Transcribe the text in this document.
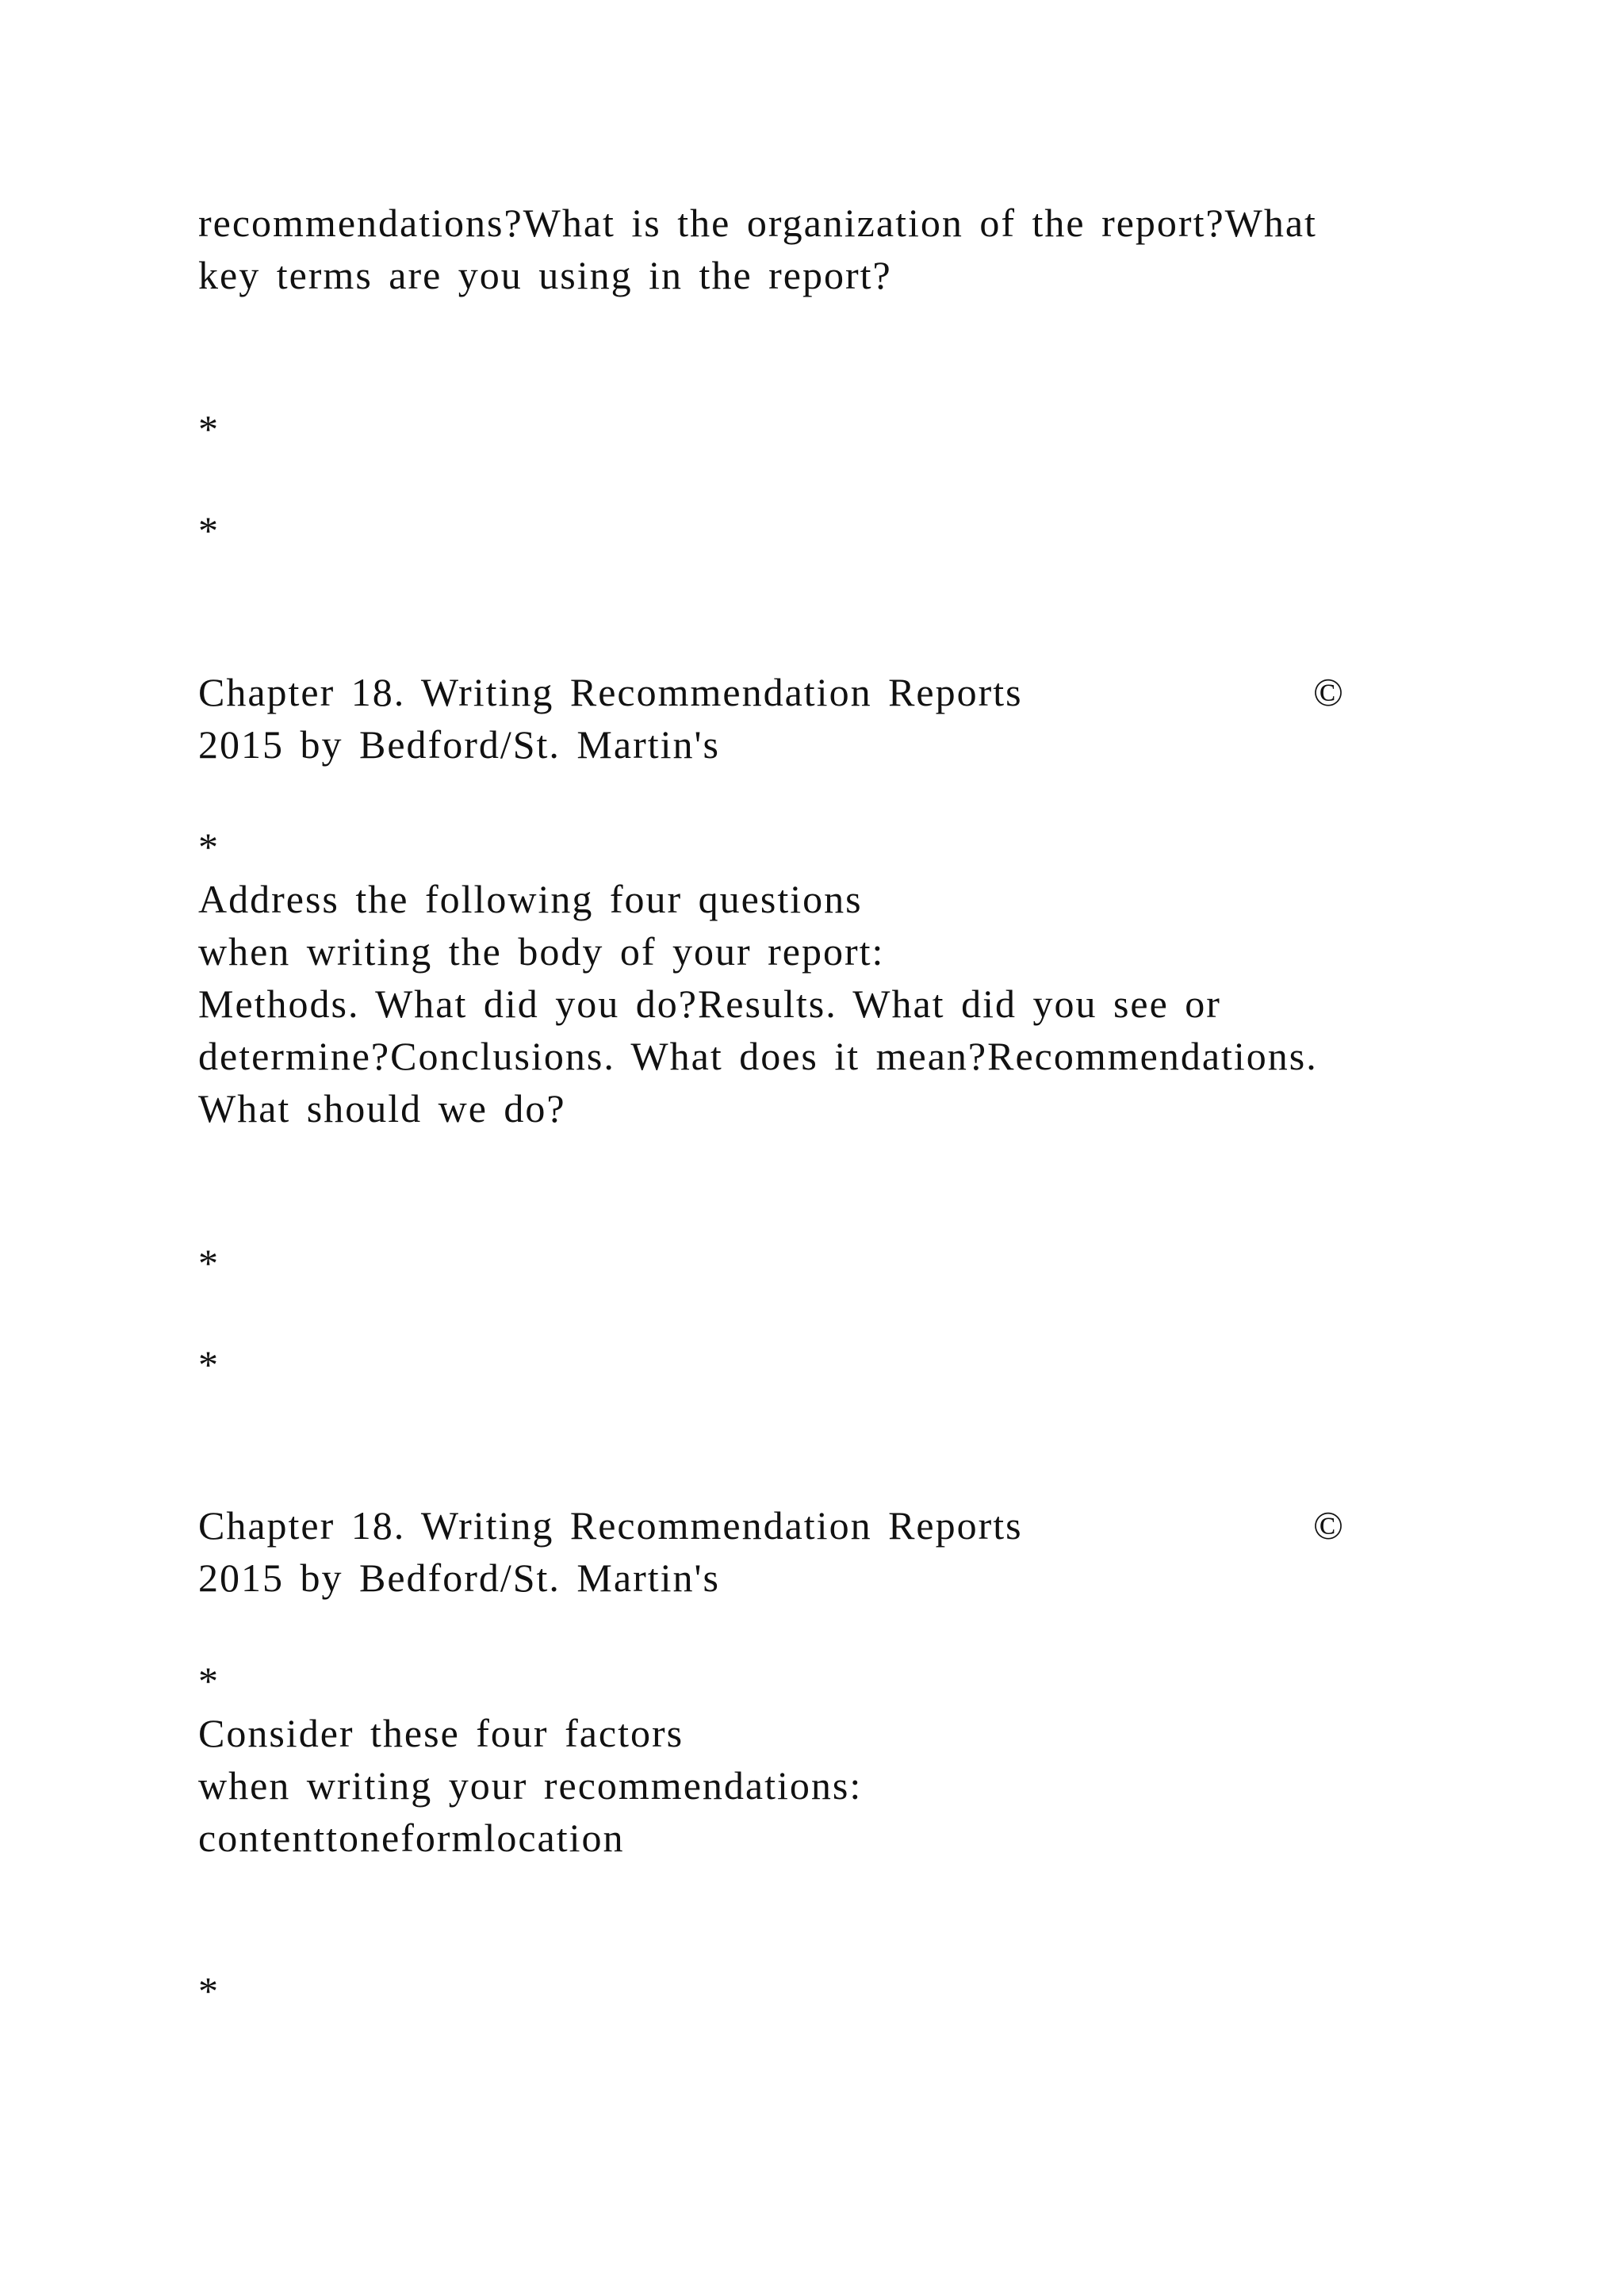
recommendations?What is the organization of the report?What
key terms are you using in the report?
*
*
Chapter 18. Writing Recommendation Reports	©
2015 by Bedford/St. Martin's
*
Address the following four questions
when writing the body of your report:
Methods. What did you do?Results. What did you see or
determine?Conclusions. What does it mean?Recommendations.
What should we do?
*
*
Chapter 18. Writing Recommendation Reports	©
2015 by Bedford/St. Martin's
*
Consider these four factors
when writing your recommendations:
contenttoneformlocation
*
